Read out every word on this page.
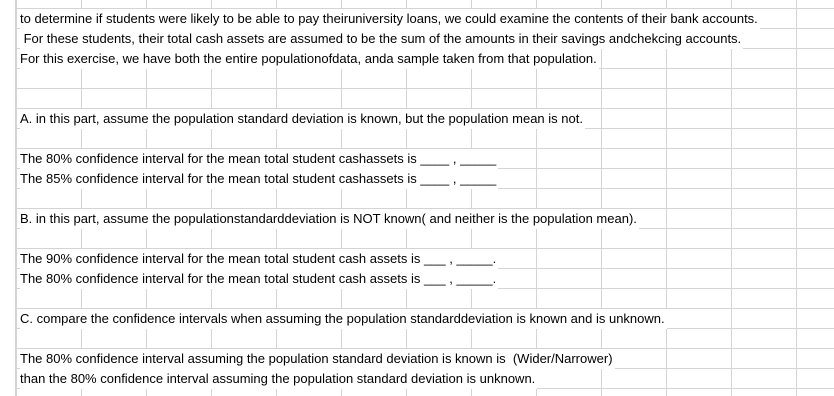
to determine if students were likely to be able to pay theiruniversity loans, we could examine the contents of their bank accounts.
For these students, their total cash assets are assumed to be the sum of the amounts in their savings andchekcing accounts.
For this exercise, we have both the entire populationofdata, anda sample taken from that population.
A. in this part, assume the population standard deviation is known, but the population mean is not.
The 80% confidence interval for the mean total student cashassets is ____ , _____
The 85% confidence interval for the mean total student cashassets is ____ , _____
B. in this part, assume the populationstandarddeviation is NOT known( and neither is the population mean).
The 90% confidence interval for the mean total student cash assets is ___ , _____.
The 80% confidence interval for the mean total student cash assets is ___ , _____.
C. compare the confidence intervals when assuming the population standarddeviation is known and is unknown.
The 80% confidence interval assuming the population standard deviation is known is  (Wider/Narrower)
than the 80% confidence interval assuming the population standard deviation is unknown.
